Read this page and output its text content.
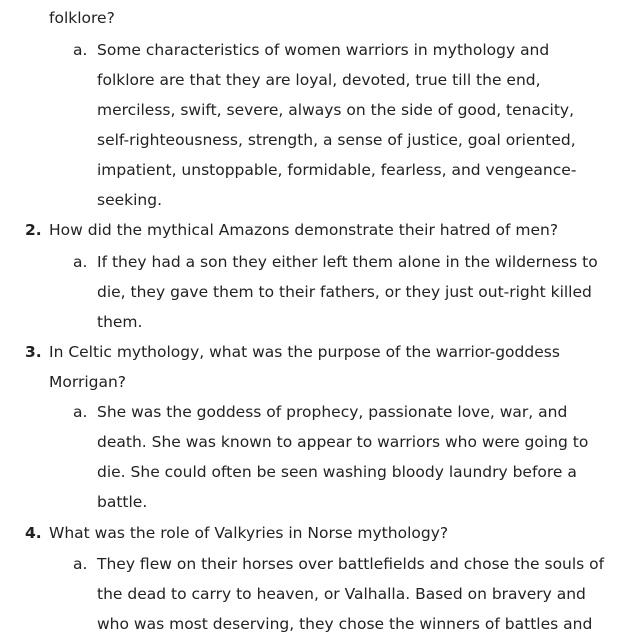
folklore?
a. Some characteristics of women warriors in mythology and
folklore are that they are loyal, devoted, true till the end,
merciless, swift, severe, always on the side of good, tenacity,
self-righteousness, strength, a sense of justice, goal oriented,
impatient, unstoppable, formidable, fearless, and vengeance-
seeking.
2. How did the mythical Amazons demonstrate their hatred of men?
a. If they had a son they either left them alone in the wilderness to
die, they gave them to their fathers, or they just out-right killed
them.
3. In Celtic mythology, what was the purpose of the warrior-goddess
Morrigan?
a. She was the goddess of prophecy, passionate love, war, and
death. She was known to appear to warriors who were going to
die. She could often be seen washing bloody laundry before a
battle.
4. What was the role of Valkyries in Norse mythology?
a. They flew on their horses over battlefields and chose the souls of
the dead to carry to heaven, or Valhalla. Based on bravery and
who was most deserving, they chose the winners of battles and
